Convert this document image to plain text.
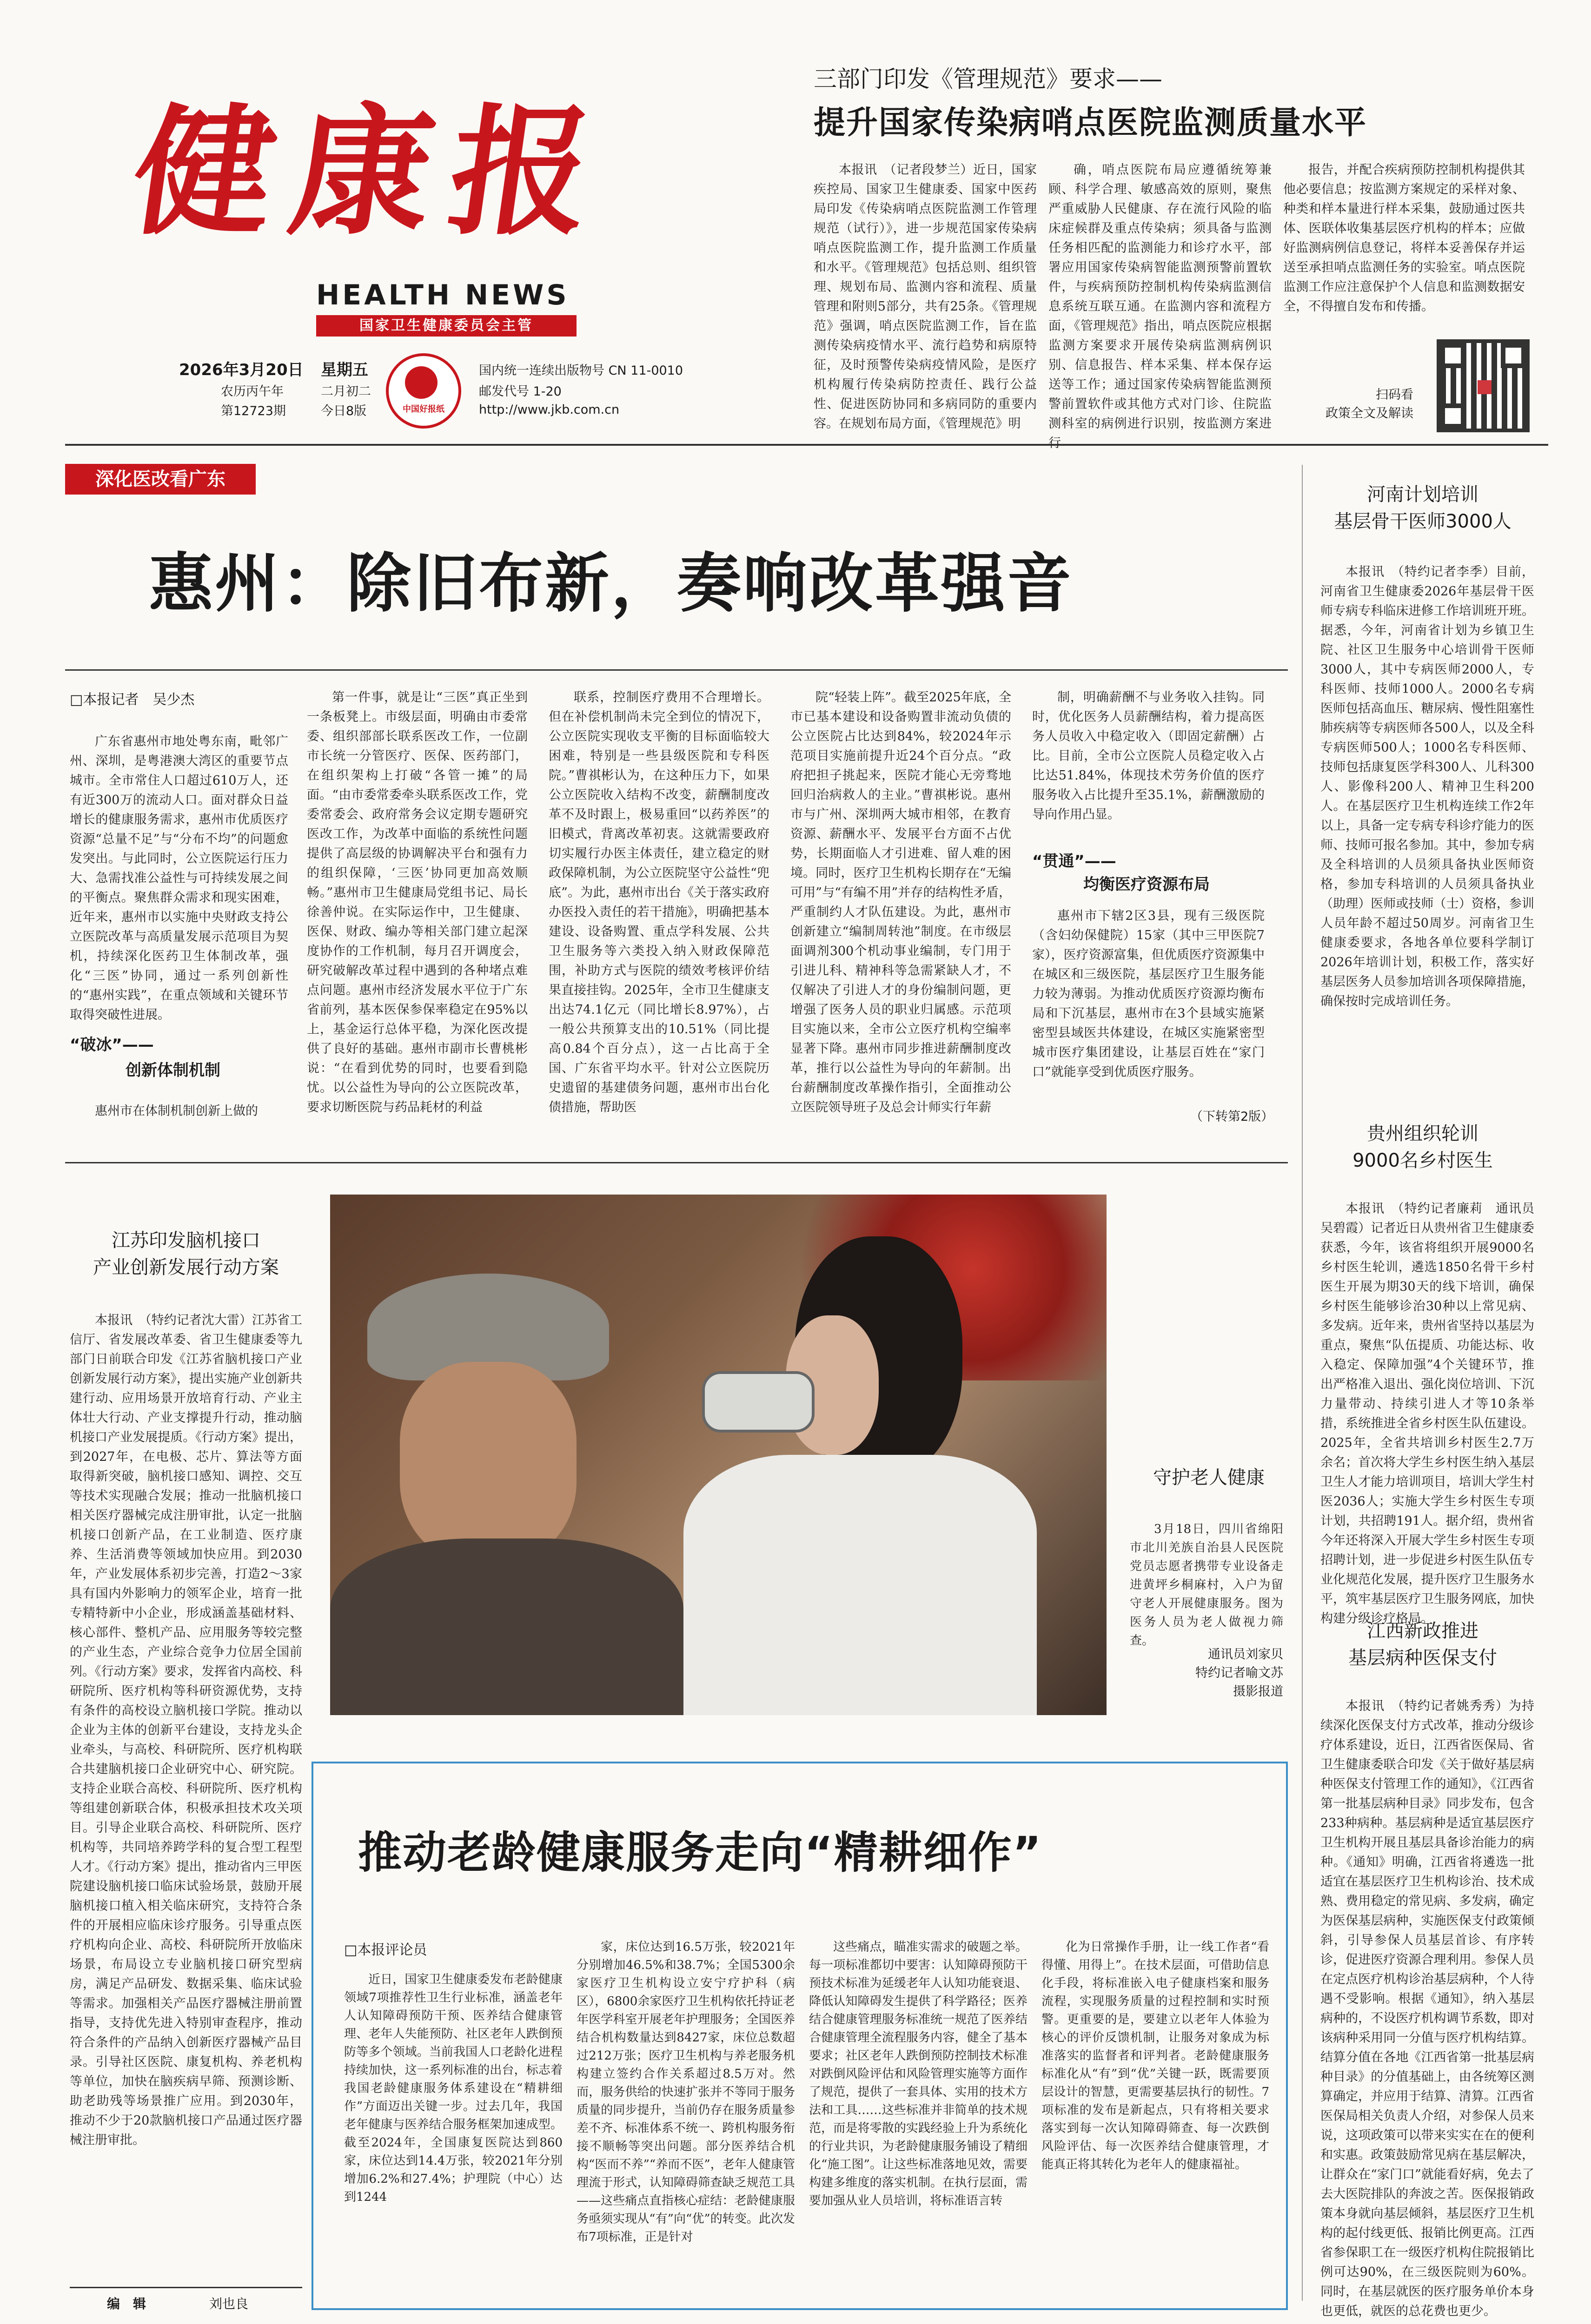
健康报
HEALTH NEWS
国家卫生健康委员会主管
2026年3月20日 星期五
农历丙午年	二月初二
第12723期	今日8版	中国好报纸
国内统一连续出版物号 CN 11-0010
邮发代号 1-20
http://www.jkb.com.cn
三部门印发《管理规范》要求——
提升国家传染病哨点医院监测质量水平

本报讯　（记者段梦兰）近日，国家疾控局、国家卫生健康委、国家中医药局印发《传染病哨点医院监测工作管理规范（试行）》，进一步规范国家传染病哨点医院监测工作，提升监测工作质量和水平。《管理规范》包括总则、组织管理、规划布局、监测内容和流程、质量管理和附则5部分，共有25条。《管理规范》强调，哨点医院监测工作，旨在监测传染病疫情水平、流行趋势和病原特征，及时预警传染病疫情风险，是医疗机构履行传染病防控责任、践行公益性、促进医防协同和多病同防的重要内容。在规划布局方面，《管理规范》明

确，哨点医院布局应遵循统筹兼顾、科学合理、敏感高效的原则，聚焦严重威胁人民健康、存在流行风险的临床症候群及重点传染病；须具备与监测任务相匹配的监测能力和诊疗水平，部署应用国家传染病智能监测预警前置软件，与疾病预防控制机构传染病监测信息系统互联互通。在监测内容和流程方面，《管理规范》指出，哨点医院应根据监测方案要求开展传染病监测病例识别、信息报告、样本采集、样本保存运送等工作；通过国家传染病智能监测预警前置软件或其他方式对门诊、住院监测科室的病例进行识别，按监测方案进行

报告，并配合疾病预防控制机构提供其他必要信息；按监测方案规定的采样对象、种类和样本量进行样本采集，鼓励通过医共体、医联体收集基层医疗机构的样本；应做好监测病例信息登记，将样本妥善保存并运送至承担哨点监测任务的实验室。哨点医院监测工作应注意保护个人信息和监测数据安全，不得擅自发布和传播。

扫码看
政策全文及解读
深化医改看广东
惠州：除旧布新，奏响改革强音
□本报记者　吴少杰

广东省惠州市地处粤东南，毗邻广州、深圳，是粤港澳大湾区的重要节点城市。全市常住人口超过610万人，还有近300万的流动人口。面对群众日益增长的健康服务需求，惠州市优质医疗资源“总量不足”与“分布不均”的问题愈发突出。与此同时，公立医院运行压力大、急需找准公益性与可持续发展之间的平衡点。聚焦群众需求和现实困难，近年来，惠州市以实施中央财政支持公立医院改革与高质量发展示范项目为契机，持续深化医药卫生体制改革，强化“三医”协同，通过一系列创新性的“惠州实践”，在重点领域和关键环节取得突破性进展。

“破冰”——
创新体制机制

惠州市在体制机制创新上做的

第一件事，就是让“三医”真正坐到一条板凳上。市级层面，明确由市委常委、组织部部长联系医改工作，一位副市长统一分管医疗、医保、医药部门，在组织架构上打破“各管一摊”的局面。“由市委常委牵头联系医改工作，党委常委会、政府常务会议定期专题研究医改工作，为改革中面临的系统性问题提供了高层级的协调解决平台和强有力的组织保障，‘三医’协同更加高效顺畅。”惠州市卫生健康局党组书记、局长徐善仲说。在实际运作中，卫生健康、医保、财政、编办等相关部门建立起深度协作的工作机制，每月召开调度会，研究破解改革过程中遇到的各种堵点难点问题。惠州市经济发展水平位于广东省前列，基本医保参保率稳定在95%以上，基金运行总体平稳，为深化医改提供了良好的基础。惠州市副市长曹桃彬说：“在看到优势的同时，也要看到隐忧。以公益性为导向的公立医院改革，要求切断医院与药品耗材的利益

联系，控制医疗费用不合理增长。但在补偿机制尚未完全到位的情况下，公立医院实现收支平衡的目标面临较大困难，特别是一些县级医院和专科医院。”曹祺彬认为，在这种压力下，如果公立医院收入结构不改变，薪酬制度改革不及时跟上，极易重回“以药养医”的旧模式，背离改革初衷。这就需要政府切实履行办医主体责任，建立稳定的财政保障机制，为公立医院坚守公益性“兜底”。为此，惠州市出台《关于落实政府办医投入责任的若干措施》，明确把基本建设、设备购置、重点学科发展、公共卫生服务等六类投入纳入财政保障范围，补助方式与医院的绩效考核评价结果直接挂钩。2025年，全市卫生健康支出达74.1亿元（同比增长8.97%），占一般公共预算支出的10.51%（同比提高0.84个百分点），这一占比高于全国、广东省平均水平。针对公立医院历史遗留的基建债务问题，惠州市出台化债措施，帮助医

院“轻装上阵”。截至2025年底，全市已基本建设和设备购置非流动负债的公立医院占比达到84%，较2024年示范项目实施前提升近24个百分点。“政府把担子挑起来，医院才能心无旁骛地回归治病救人的主业。”曹祺彬说。惠州市与广州、深圳两大城市相邻，在教育资源、薪酬水平、发展平台方面不占优势，长期面临人才引进难、留人难的困境。同时，医疗卫生机构长期存在“无编可用”与“有编不用”并存的结构性矛盾，严重制约人才队伍建设。为此，惠州市创新建立“编制周转池”制度。在市级层面调剂300个机动事业编制，专门用于引进儿科、精神科等急需紧缺人才，不仅解决了引进人才的身份编制问题，更增强了医务人员的职业归属感。示范项目实施以来，全市公立医疗机构空编率显著下降。惠州市同步推进薪酬制度改革，推行以公益性为导向的年薪制。出台薪酬制度改革操作指引，全面推动公立医院领导班子及总会计师实行年薪

制，明确薪酬不与业务收入挂钩。同时，优化医务人员薪酬结构，着力提高医务人员收入中稳定收入（即固定薪酬）占比。目前，全市公立医院人员稳定收入占比达51.84%，体现技术劳务价值的医疗服务收入占比提升至35.1%，薪酬激励的导向作用凸显。

“贯通”——
均衡医疗资源布局

惠州市下辖2区3县，现有三级医院（含妇幼保健院）15家（其中三甲医院7家），医疗资源富集，但优质医疗资源集中在城区和三级医院，基层医疗卫生服务能力较为薄弱。为推动优质医疗资源均衡布局和下沉基层，惠州市在3个县域实施紧密型县域医共体建设，在城区实施紧密型城市医疗集团建设，让基层百姓在“家门口”就能享受到优质医疗服务。

（下转第2版）
守护老人健康

3月18日，四川省绵阳市北川羌族自治县人民医院党员志愿者携带专业设备走进黄坪乡桐麻村，入户为留守老人开展健康服务。图为医务人员为老人做视力筛查。

通讯员刘家贝
特约记者喻文苏
摄影报道
推动老龄健康服务走向“精耕细作”
□本报评论员

近日，国家卫生健康委发布老龄健康领域7项推荐性卫生行业标准，涵盖老年人认知障碍预防干预、医养结合健康管理、老年人失能预防、社区老年人跌倒预防等多个领域。当前我国人口老龄化进程持续加快，这一系列标准的出台，标志着我国老龄健康服务体系建设在“精耕细作”方面迈出关键一步。过去几年，我国老年健康与医养结合服务框架加速成型。截至2024年，全国康复医院达到860家，床位达到14.4万张，较2021年分别增加6.2%和27.4%；护理院（中心）达到1244

家，床位达到16.5万张，较2021年分别增加46.5%和38.7%；全国5300余家医疗卫生机构设立安宁疗护科（病区），6800余家医疗卫生机构依托持证老年医学科室开展老年护理服务；全国医养结合机构数量达到8427家，床位总数超过212万张；医疗卫生机构与养老服务机构建立签约合作关系超过8.5万对。然而，服务供给的快速扩张并不等同于服务质量的同步提升，当前仍存在服务质量参差不齐、标准体系不统一、跨机构服务衔接不顺畅等突出问题。部分医养结合机构“医而不养”“养而不医”，老年人健康管理流于形式，认知障碍筛查缺乏规范工具——这些痛点直指核心症结：老龄健康服务亟须实现从“有”向“优”的转变。此次发布7项标准，正是针对

这些痛点，瞄准实需求的破题之举。每一项标准都切中要害：认知障碍预防干预技术标准为延缓老年人认知功能衰退、降低认知障碍发生提供了科学路径；医养结合健康管理服务标准统一规范了医养结合健康管理全流程服务内容，健全了基本要求；社区老年人跌倒预防控制技术标准对跌倒风险评估和风险管理实施等方面作了规范，提供了一套具体、实用的技术方法和工具……这些标准并非简单的技术规范，而是将零散的实践经验上升为系统化的行业共识，为老龄健康服务铺设了精细化“施工图”。让这些标准落地见效，需要构建多维度的落实机制。在执行层面，需要加强从业人员培训，将标准语言转

化为日常操作手册，让一线工作者“看得懂、用得上”。在技术层面，可借助信息化手段，将标准嵌入电子健康档案和服务流程，实现服务质量的过程控制和实时预警。更重要的是，要建立以老年人体验为核心的评价反馈机制，让服务对象成为标准落实的监督者和评判者。老龄健康服务标准化从“有”到“优”关键一跃，既需要顶层设计的智慧，更需要基层执行的韧性。7项标准的发布是新起点，只有将相关要求落实到每一次认知障碍筛查、每一次跌倒风险评估、每一次医养结合健康管理，才能真正将其转化为老年人的健康福祉。

江苏印发脑机接口
产业创新发展行动方案

本报讯　（特约记者沈大雷）江苏省工信厅、省发展改革委、省卫生健康委等九部门日前联合印发《江苏省脑机接口产业创新发展行动方案》，提出实施产业创新共建行动、应用场景开放培育行动、产业主体壮大行动、产业支撑提升行动，推动脑机接口产业发展提质。《行动方案》提出，到2027年，在电极、芯片、算法等方面取得新突破，脑机接口感知、调控、交互等技术实现融合发展；推动一批脑机接口相关医疗器械完成注册审批，认定一批脑机接口创新产品，在工业制造、医疗康养、生活消费等领域加快应用。到2030年，产业发展体系初步完善，打造2～3家具有国内外影响力的领军企业，培育一批专精特新中小企业，形成涵盖基础材料、核心部件、整机产品、应用服务等较完整的产业生态，产业综合竞争力位居全国前列。《行动方案》要求，发挥省内高校、科研院所、医疗机构等科研资源优势，支持有条件的高校设立脑机接口学院。推动以企业为主体的创新平台建设，支持龙头企业牵头，与高校、科研院所、医疗机构联合共建脑机接口企业研究中心、研究院。支持企业联合高校、科研院所、医疗机构等组建创新联合体，积极承担技术攻关项目。引导企业联合高校、科研院所、医疗机构等，共同培养跨学科的复合型工程型人才。《行动方案》提出，推动省内三甲医院建设脑机接口临床试验场景，鼓励开展脑机接口植入相关临床研究，支持符合条件的开展相应临床诊疗服务。引导重点医疗机构向企业、高校、科研院所开放临床场景，布局设立专业脑机接口研究型病房，满足产品研发、数据采集、临床试验等需求。加强相关产品医疗器械注册前置指导，支持优先进入特别审查程序，推动符合条件的产品纳入创新医疗器械产品目录。引导社区医院、康复机构、养老机构等单位，加快在脑疾病早筛、预测诊断、助老助残等场景推广应用。到2030年，推动不少于20款脑机接口产品通过医疗器械注册审批。

编　辑	刘也良
河南计划培训
基层骨干医师3000人

本报讯　（特约记者李季）目前，河南省卫生健康委2026年基层骨干医师专病专科临床进修工作培训班开班。据悉，今年，河南省计划为乡镇卫生院、社区卫生服务中心培训骨干医师3000人，其中专病医师2000人，专科医师、技师1000人。2000名专病医师包括高血压、糖尿病、慢性阻塞性肺疾病等专病医师各500人，以及全科专病医师500人；1000名专科医师、技师包括康复医学科300人、儿科300人、影像科200人、精神卫生科200人。在基层医疗卫生机构连续工作2年以上，具备一定专病专科诊疗能力的医师、技师可报名参加。其中，参加专病及全科培训的人员须具备执业医师资格，参加专科培训的人员须具备执业（助理）医师或技师（士）资格，参训人员年龄不超过50周岁。河南省卫生健康委要求，各地各单位要科学制订2026年培训计划，积极工作，落实好基层医务人员参加培训各项保障措施，确保按时完成培训任务。

贵州组织轮训
9000名乡村医生

本报讯　（特约记者廉莉　通讯员吴碧霞）记者近日从贵州省卫生健康委获悉，今年，该省将组织开展9000名乡村医生轮训，遴选1850名骨干乡村医生开展为期30天的线下培训，确保乡村医生能够诊治30种以上常见病、多发病。近年来，贵州省坚持以基层为重点，聚焦“队伍提质、功能达标、收入稳定、保障加强”4个关键环节，推出严格准入退出、强化岗位培训、下沉力量带动、持续引进人才等10条举措，系统推进全省乡村医生队伍建设。2025年，全省共培训乡村医生2.7万余名；首次将大学生乡村医生纳入基层卫生人才能力培训项目，培训大学生村医2036人；实施大学生乡村医生专项计划，共招聘191人。据介绍，贵州省今年还将深入开展大学生乡村医生专项招聘计划，进一步促进乡村医生队伍专业化规范化发展，提升医疗卫生服务水平，筑牢基层医疗卫生服务网底，加快构建分级诊疗格局。

江西新政推进
基层病种医保支付

本报讯　（特约记者姚秀秀）为持续深化医保支付方式改革，推动分级诊疗体系建设，近日，江西省医保局、省卫生健康委联合印发《关于做好基层病种医保支付管理工作的通知》，《江西省第一批基层病种目录》同步发布，包含233种病种。基层病种是适宜基层医疗卫生机构开展且基层具备诊治能力的病种。《通知》明确，江西省将遴选一批适宜在基层医疗卫生机构诊治、技术成熟、费用稳定的常见病、多发病，确定为医保基层病种，实施医保支付政策倾斜，引导参保人员基层首诊、有序转诊，促进医疗资源合理利用。参保人员在定点医疗机构诊治基层病种，个人待遇不受影响。根据《通知》，纳入基层病种的，不设医疗机构调节系数，即对该病种采用同一分值与医疗机构结算。结算分值在各地《江西省第一批基层病种目录》的分值基础上，由各统筹区测算确定，并应用于结算、清算。江西省医保局相关负责人介绍，对参保人员来说，这项政策可以带来实实在在的便利和实惠。政策鼓励常见病在基层解决，让群众在“家门口”就能看好病，免去了去大医院排队的奔波之苦。医保报销政策本身就向基层倾斜，基层医疗卫生机构的起付线更低、报销比例更高。江西省参保职工在一级医疗机构住院报销比例可达90%，在三级医院则为60%。同时，在基层就医的医疗服务单价本身也更低，就医的总花费也更少。
